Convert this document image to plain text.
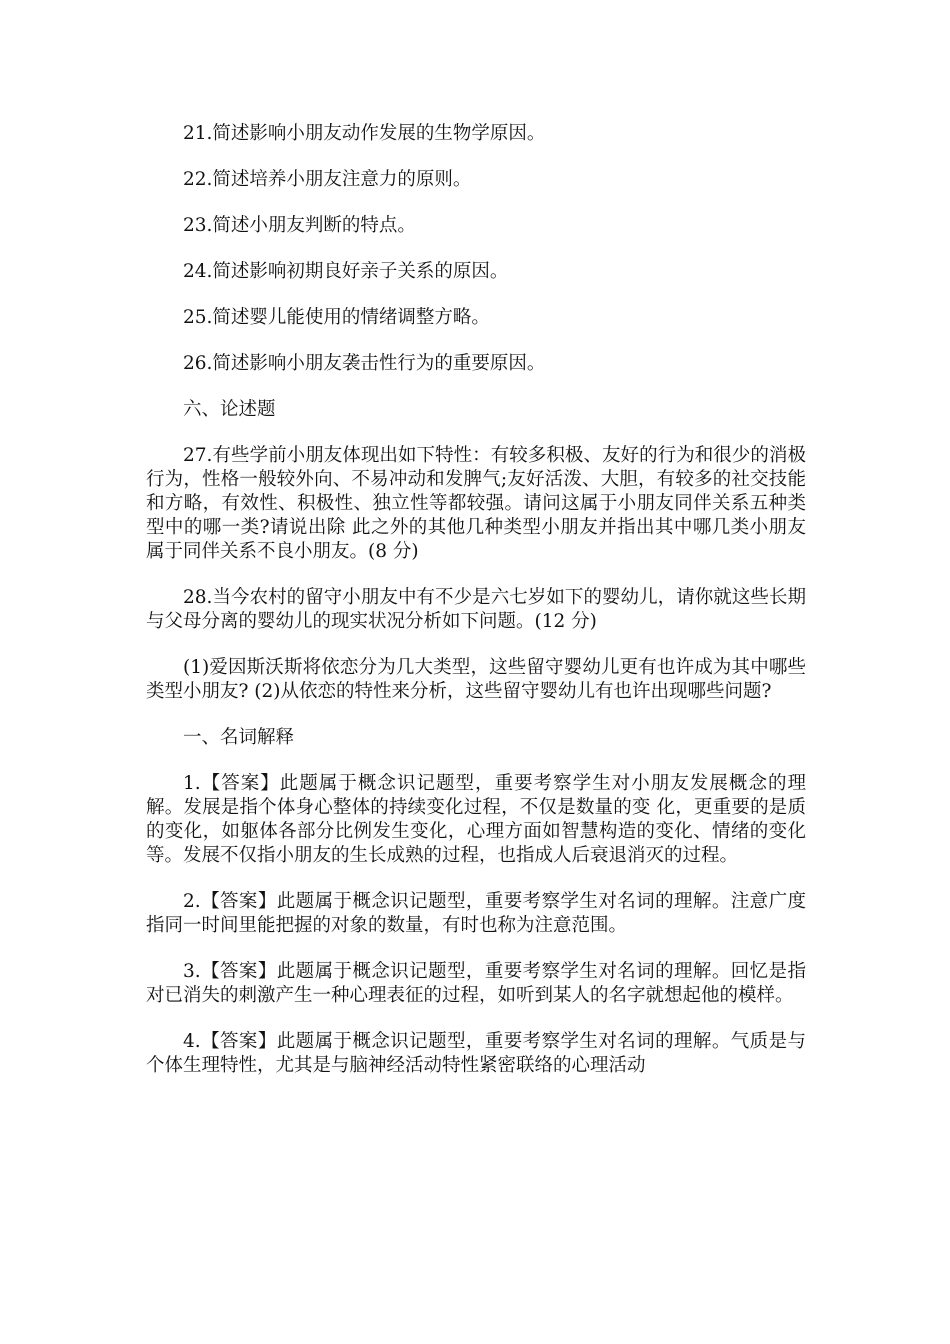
21.简述影响小朋友动作发展的生物学原因。

22.简述培养小朋友注意力的原则。

23.简述小朋友判断的特点。

24.简述影响初期良好亲子关系的原因。

25.简述婴儿能使用的情绪调整方略。

26.简述影响小朋友袭击性行为的重要原因。

六、论述题

27.有些学前小朋友体现出如下特性：有较多积极、友好的行为和很少的消极行为，性格一般较外向、不易冲动和发脾气;友好活泼、大胆，有较多的社交技能和方略，有效性、积极性、独立性等都较强。请问这属于小朋友同伴关系五种类型中的哪一类?请说出除 此之外的其他几种类型小朋友并指出其中哪几类小朋友属于同伴关系不良小朋友。(8 分)

28.当今农村的留守小朋友中有不少是六七岁如下的婴幼儿，请你就这些长期与父母分离的婴幼儿的现实状况分析如下问题。(12 分)

(1)爱因斯沃斯将依恋分为几大类型，这些留守婴幼儿更有也许成为其中哪些类型小朋友? (2)从依恋的特性来分析，这些留守婴幼儿有也许出现哪些问题?

一、名词解释

1.【答案】此题属于概念识记题型，重要考察学生对小朋友发展概念的理解。发展是指个体身心整体的持续变化过程，不仅是数量的变 化，更重要的是质的变化，如躯体各部分比例发生变化，心理方面如智慧构造的变化、情绪的变化等。发展不仅指小朋友的生长成熟的过程，也指成人后衰退消灭的过程。

2.【答案】此题属于概念识记题型，重要考察学生对名词的理解。注意广度指同一时间里能把握的对象的数量，有时也称为注意范围。

3.【答案】此题属于概念识记题型，重要考察学生对名词的理解。回忆是指对已消失的刺激产生一种心理表征的过程，如听到某人的名字就想起他的模样。

4.【答案】此题属于概念识记题型，重要考察学生对名词的理解。气质是与个体生理特性，尤其是与脑神经活动特性紧密联络的心理活动
